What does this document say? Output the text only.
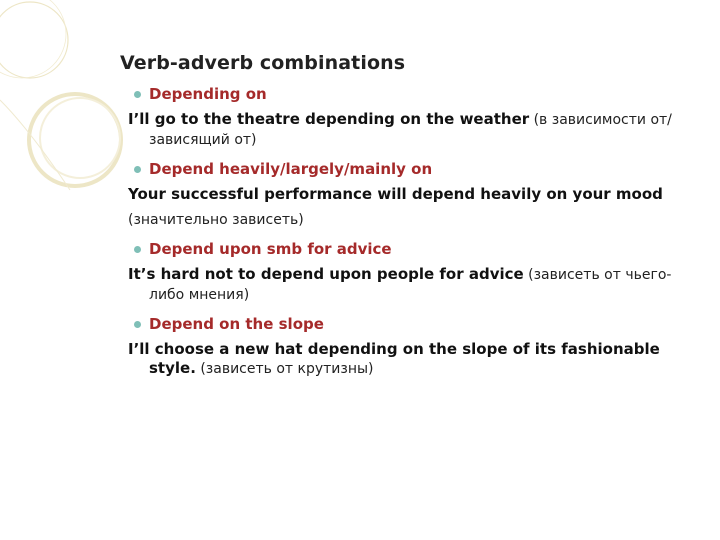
Verb-adverb combinations
Depending on
I’ll go to the theatre depending on the weather (в зависимости от/зависящий от)
Depend heavily/largely/mainly on
Your successful performance will depend heavily on your mood
(значительно зависеть)
Depend upon smb for advice
It’s hard not to depend upon people for advice (зависеть от чьего-либо мнения)
Depend on the slope
I’ll choose a new hat depending on the slope of its fashionable style. (зависеть от крутизны)
